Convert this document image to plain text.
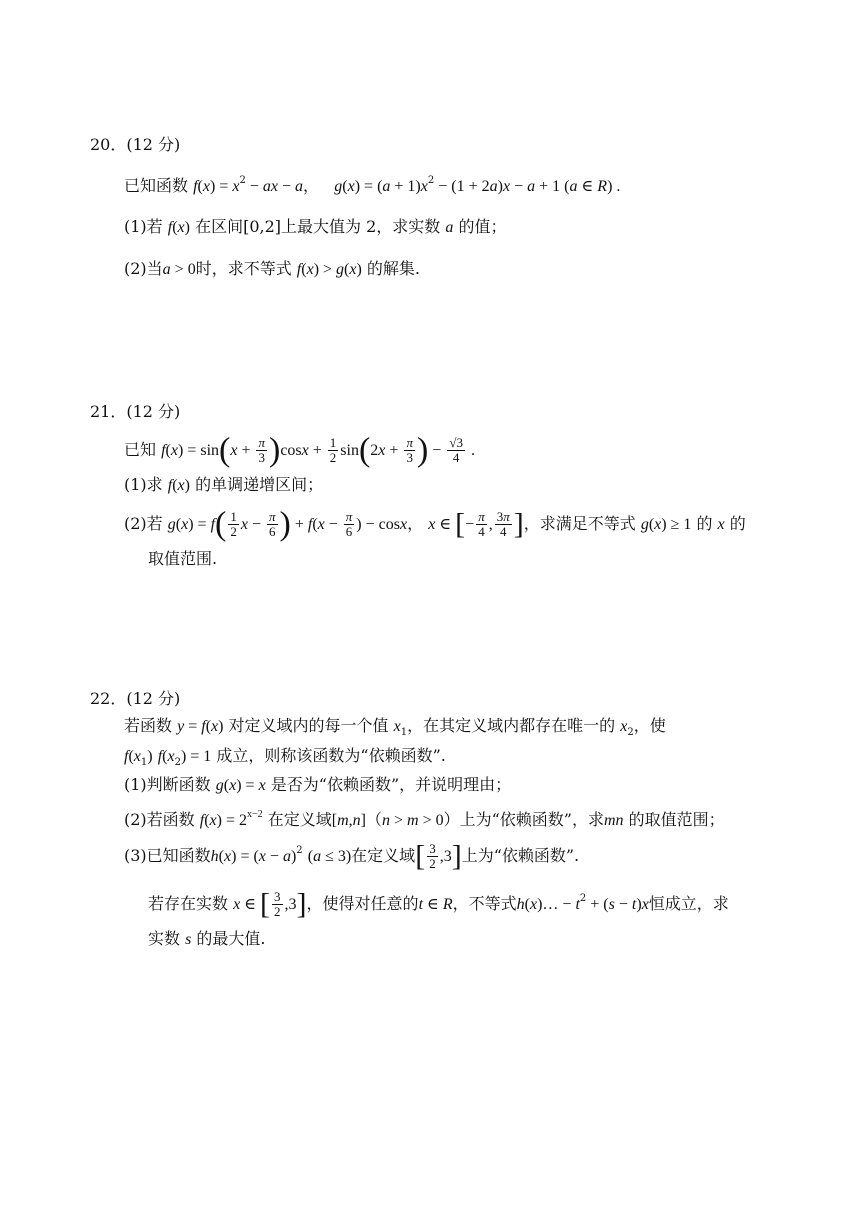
20．(12 分)
已知函数 $f(x) = x^2$ − ax − a， $g(x) = (a + 1)x^2 - (1 + 2a)x - a + 1$ (a ∈ R) .
(1)若 f(x) 在区间[0,2]上最大值为 2，求实数 a 的值；
(2)当a > 0时，求不等式 f(x) > g(x) 的解集.
21．(12 分)
已知 $f(x) = \sin(x + \frac{\pi}{3} )\cos x + \frac{1}{2} \sin(2x + \frac{\pi}{3}$ ) − $\frac{√3}{4}$ .
(1)求 f(x) 的单调递增区间；
(2)若 $g(x) = f( \frac{1}{2}$ $x - \frac{\pi}{6}$ ) + $f(x - \frac{\pi}{6}$ ) − cosx， x ∈ [− $\frac{\pi}{4}$ , $\frac{3\pi}{4}$ ]，求满足不等式 g(x) ≥ 1 的 x 的
取值范围.
22．(12 分)
若函数 y = f(x) 对定义域内的每一个值 $x_1$，在其定义域内都存在唯一的 $x_2$，使
$f(x_1) f(x_2) = 1$ 成立，则称该函数为“依赖函数”.
(1)判断函数 g(x) = x 是否为“依赖函数”，并说明理由；
(2)若函数 $f(x) = 2^{x-2}$ 在定义域[m,n]（n > m > 0）上为“依赖函数”，求mn 的取值范围；
(3)已知函数$h(x) = (x - a)^2$ (a ≤ 3)在定义域[ $\frac{3}{2} ,3$]上为“依赖函数”.
若存在实数 x ∈ [ $\frac{3}{2} ,3$]，使得对任意的t ∈ R，不等式h(x)… − $t^2 + (s - t)x$恒成立，求
实数 s 的最大值.
